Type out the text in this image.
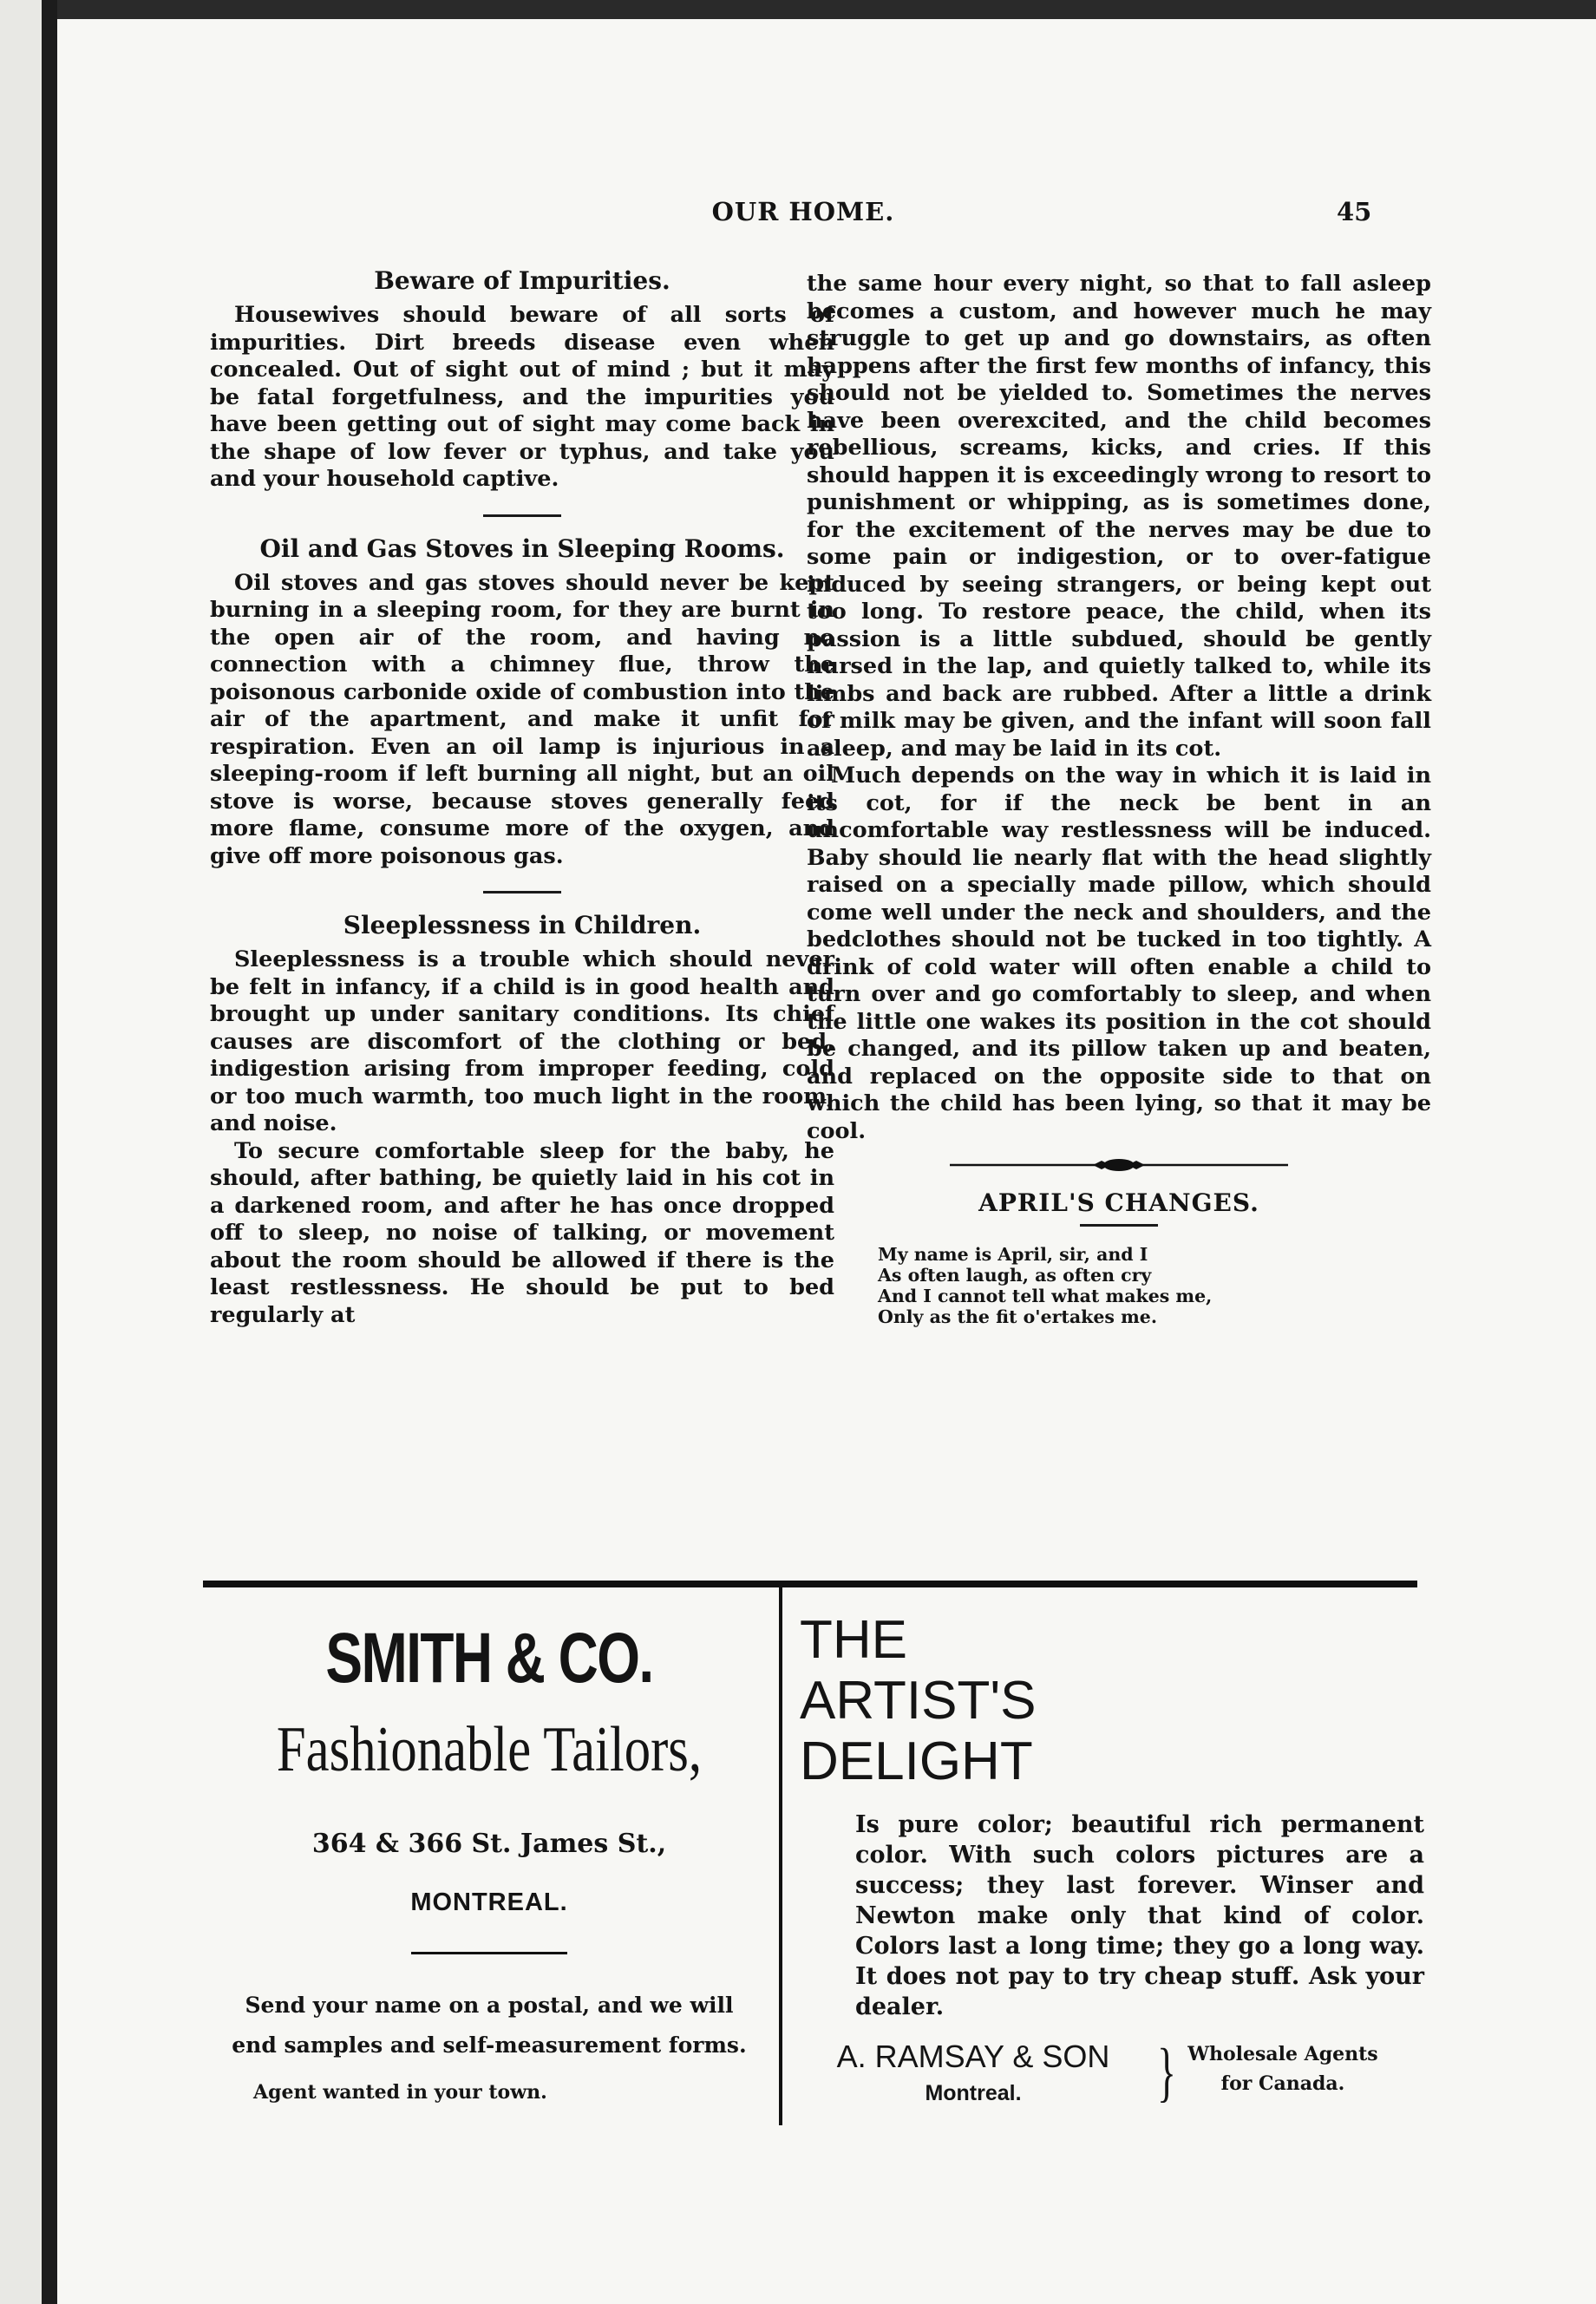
OUR HOME.	45
Beware of Impurities.

Housewives should beware of all sorts of impurities. Dirt breeds disease even when concealed. Out of sight out of mind ; but it may be fatal forgetfulness, and the impurities you have been getting out of sight may come back in the shape of low fever or typhus, and take you and your household captive.

Oil and Gas Stoves in Sleeping Rooms.

Oil stoves and gas stoves should never be kept burning in a sleeping room, for they are burnt in the open air of the room, and having no connection with a chimney flue, throw the poisonous carbonide oxide of combustion into the air of the apartment, and make it unfit for respiration. Even an oil lamp is injurious in a sleeping-room if left burning all night, but an oil stove is worse, because stoves generally feed more flame, consume more of the oxygen, and give off more poisonous gas.

Sleeplessness in Children.

Sleeplessness is a trouble which should never be felt in infancy, if a child is in good health and brought up under sanitary conditions. Its chief causes are discomfort of the clothing or bed, indigestion arising from improper feeding, cold or too much warmth, too much light in the room, and noise.

To secure comfortable sleep for the baby, he should, after bathing, be quietly laid in his cot in a darkened room, and after he has once dropped off to sleep, no noise of talking, or movement about the room should be allowed if there is the least restlessness. He should be put to bed regularly at

the same hour every night, so that to fall asleep becomes a custom, and however much he may struggle to get up and go downstairs, as often happens after the first few months of infancy, this should not be yielded to. Sometimes the nerves have been overexcited, and the child becomes rebellious, screams, kicks, and cries. If this should happen it is exceedingly wrong to resort to punishment or whipping, as is sometimes done, for the excitement of the nerves may be due to some pain or indigestion, or to over-fatigue induced by seeing strangers, or being kept out too long. To restore peace, the child, when its passion is a little subdued, should be gently nursed in the lap, and quietly talked to, while its limbs and back are rubbed. After a little a drink of milk may be given, and the infant will soon fall asleep, and may be laid in its cot.

Much depends on the way in which it is laid in its cot, for if the neck be bent in an uncomfortable way restlessness will be induced. Baby should lie nearly flat with the head slightly raised on a specially made pillow, which should come well under the neck and shoulders, and the bedclothes should not be tucked in too tightly. A drink of cold water will often enable a child to turn over and go comfortably to sleep, and when the little one wakes its position in the cot should be changed, and its pillow taken up and beaten, and replaced on the opposite side to that on which the child has been lying, so that it may be cool.

APRIL'S CHANGES.
My name is April, sir, and I
As often laugh, as often cry
And I cannot tell what makes me,
Only as the fit o'ertakes me.
SMITH & CO.
Fashionable Tailors,
364 & 366 St. James St.,
MONTREAL.
Send your name on a postal, and we will
end samples and self-measurement forms.
Agent wanted in your town.
THE
ARTIST'S
DELIGHT
Is pure color; beautiful rich permanent color. With such colors pictures are a success; they last forever. Winser and Newton make only that kind of color. Colors last a long time; they go a long way. It does not pay to try cheap stuff. Ask your dealer.
A. RAMSAY & SON
Montreal.	} Wholesale Agents
for Canada.
